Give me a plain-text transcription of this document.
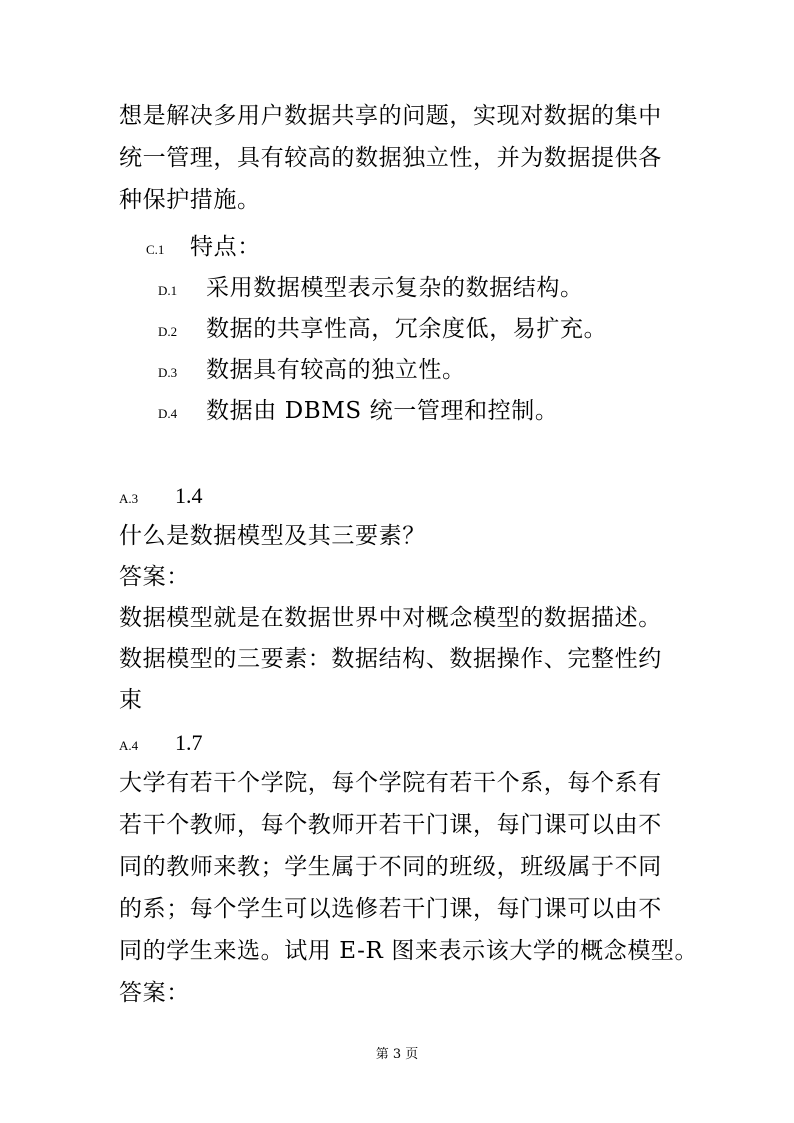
想是解决多用户数据共享的问题，实现对数据的集中
统一管理，具有较高的数据独立性，并为数据提供各
种保护措施。
C.1 特点：
D.1 采用数据模型表示复杂的数据结构。
D.2 数据的共享性高，冗余度低，易扩充。
D.3 数据具有较高的独立性。
D.4 数据由 DBMS 统一管理和控制。
A.3 1.4
什么是数据模型及其三要素？
答案：
数据模型就是在数据世界中对概念模型的数据描述。
数据模型的三要素：数据结构、数据操作、完整性约
束
A.4 1.7
大学有若干个学院，每个学院有若干个系，每个系有
若干个教师，每个教师开若干门课，每门课可以由不
同的教师来教；学生属于不同的班级，班级属于不同
的系；每个学生可以选修若干门课，每门课可以由不
同的学生来选。试用 E-R 图来表示该大学的概念模型。
答案：
第 3 页
